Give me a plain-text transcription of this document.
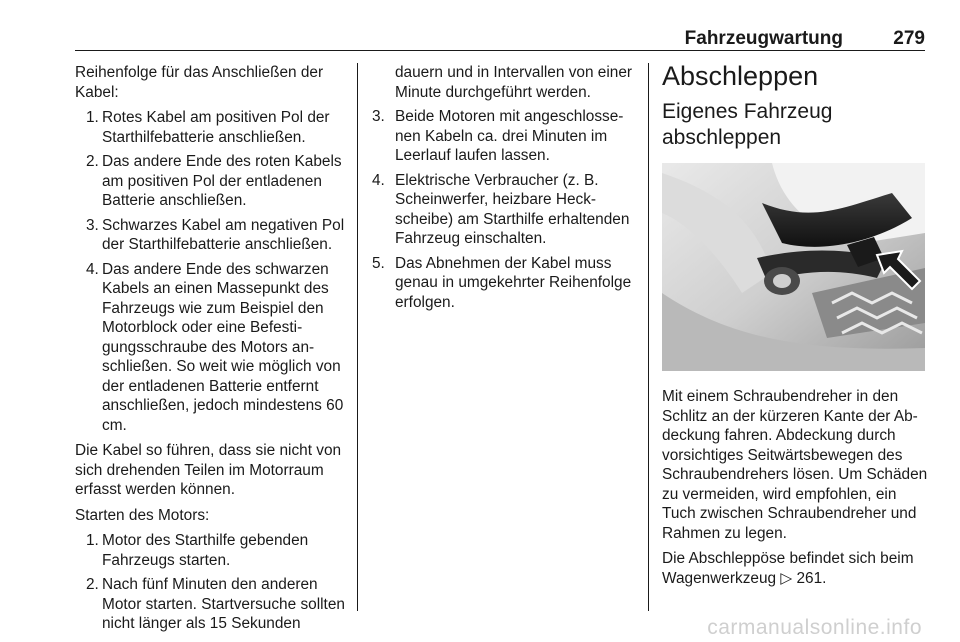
Fahrzeugwartung	279

Reihenfolge für das Anschließen der Kabel:

1. Rotes Kabel am positiven Pol der Starthilfebatterie anschließen.
2. Das andere Ende des roten Kabels am positiven Pol der entladenen Batterie anschließen.
3. Schwarzes Kabel am negativen Pol der Starthilfebatterie anschließen.
4. Das andere Ende des schwarzen Kabels an einen Massepunkt des Fahrzeugs wie zum Beispiel den Motorblock oder eine Befestigungsschraube des Motors anschließen. So weit wie möglich von der entladenen Batterie entfernt anschließen, jedoch mindestens 60 cm.

Die Kabel so führen, dass sie nicht von sich drehenden Teilen im Motorraum erfasst werden können.

Starten des Motors:

1. Motor des Starthilfe gebenden Fahrzeugs starten.
2. Nach fünf Minuten den anderen Motor starten. Startversuche sollten nicht länger als 15 Sekunden
dauern und in Intervallen von einer Minute durchgeführt werden.
3. Beide Motoren mit angeschlossenen Kabeln ca. drei Minuten im Leerlauf laufen lassen.
4. Elektrische Verbraucher (z. B. Scheinwerfer, heizbare Heckscheibe) am Starthilfe erhaltenden Fahrzeug einschalten.
5. Das Abnehmen der Kabel muss genau in umgekehrter Reihenfolge erfolgen.
Abschleppen
Eigenes Fahrzeug abschleppen

Mit einem Schraubendreher in den Schlitz an der kürzeren Kante der Abdeckung fahren. Abdeckung durch vorsichtiges Seitwärtsbewegen des Schraubendrehers lösen. Um Schäden zu vermeiden, wird empfohlen, ein Tuch zwischen Schraubendreher und Rahmen zu legen.

Die Abschleppöse befindet sich beim Wagenwerkzeug ▷ 261.

carmanualsonline.info
